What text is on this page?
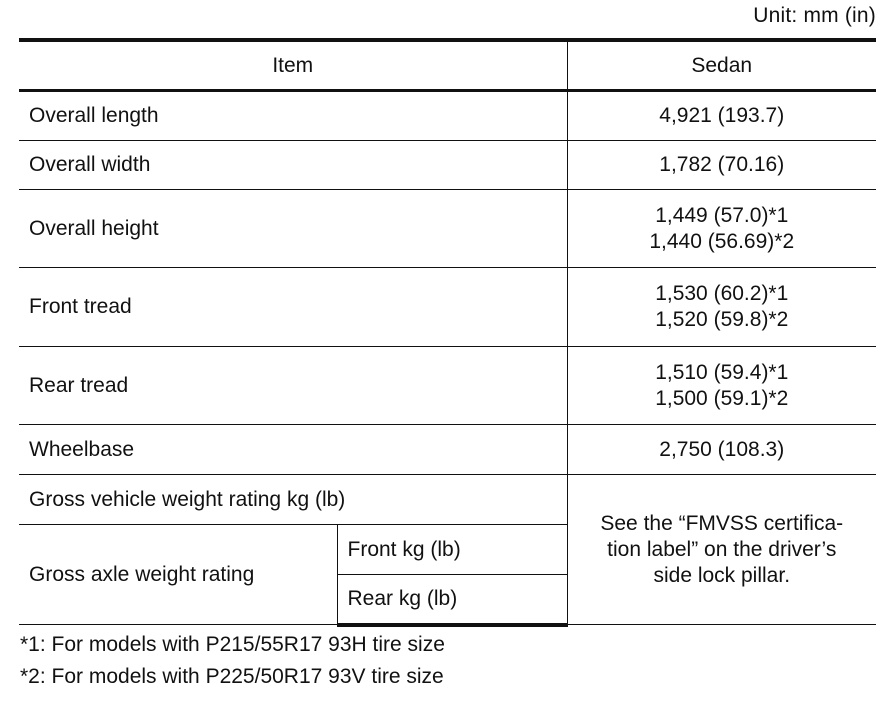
Unit: mm (in)
Item		Sedan
Overall length		4,921 (193.7)
Overall width		1,782 (70.16)
Overall height		1,449 (57.0)*1
1,440 (56.69)*2

Front tread		1,530 (60.2)*1
1,520 (59.8)*2

Rear tread		1,510 (59.4)*1
1,500 (59.1)*2

Wheelbase		2,750 (108.3)
Gross vehicle weight rating kg (lb)		See the “FMVSS certifica-
tion label” on the driver’s
side lock pillar.

Gross axle weight rating	Front kg (lb)	
	Rear kg (lb)	
*1: For models with P215/55R17 93H tire size
*2: For models with P225/50R17 93V tire size
